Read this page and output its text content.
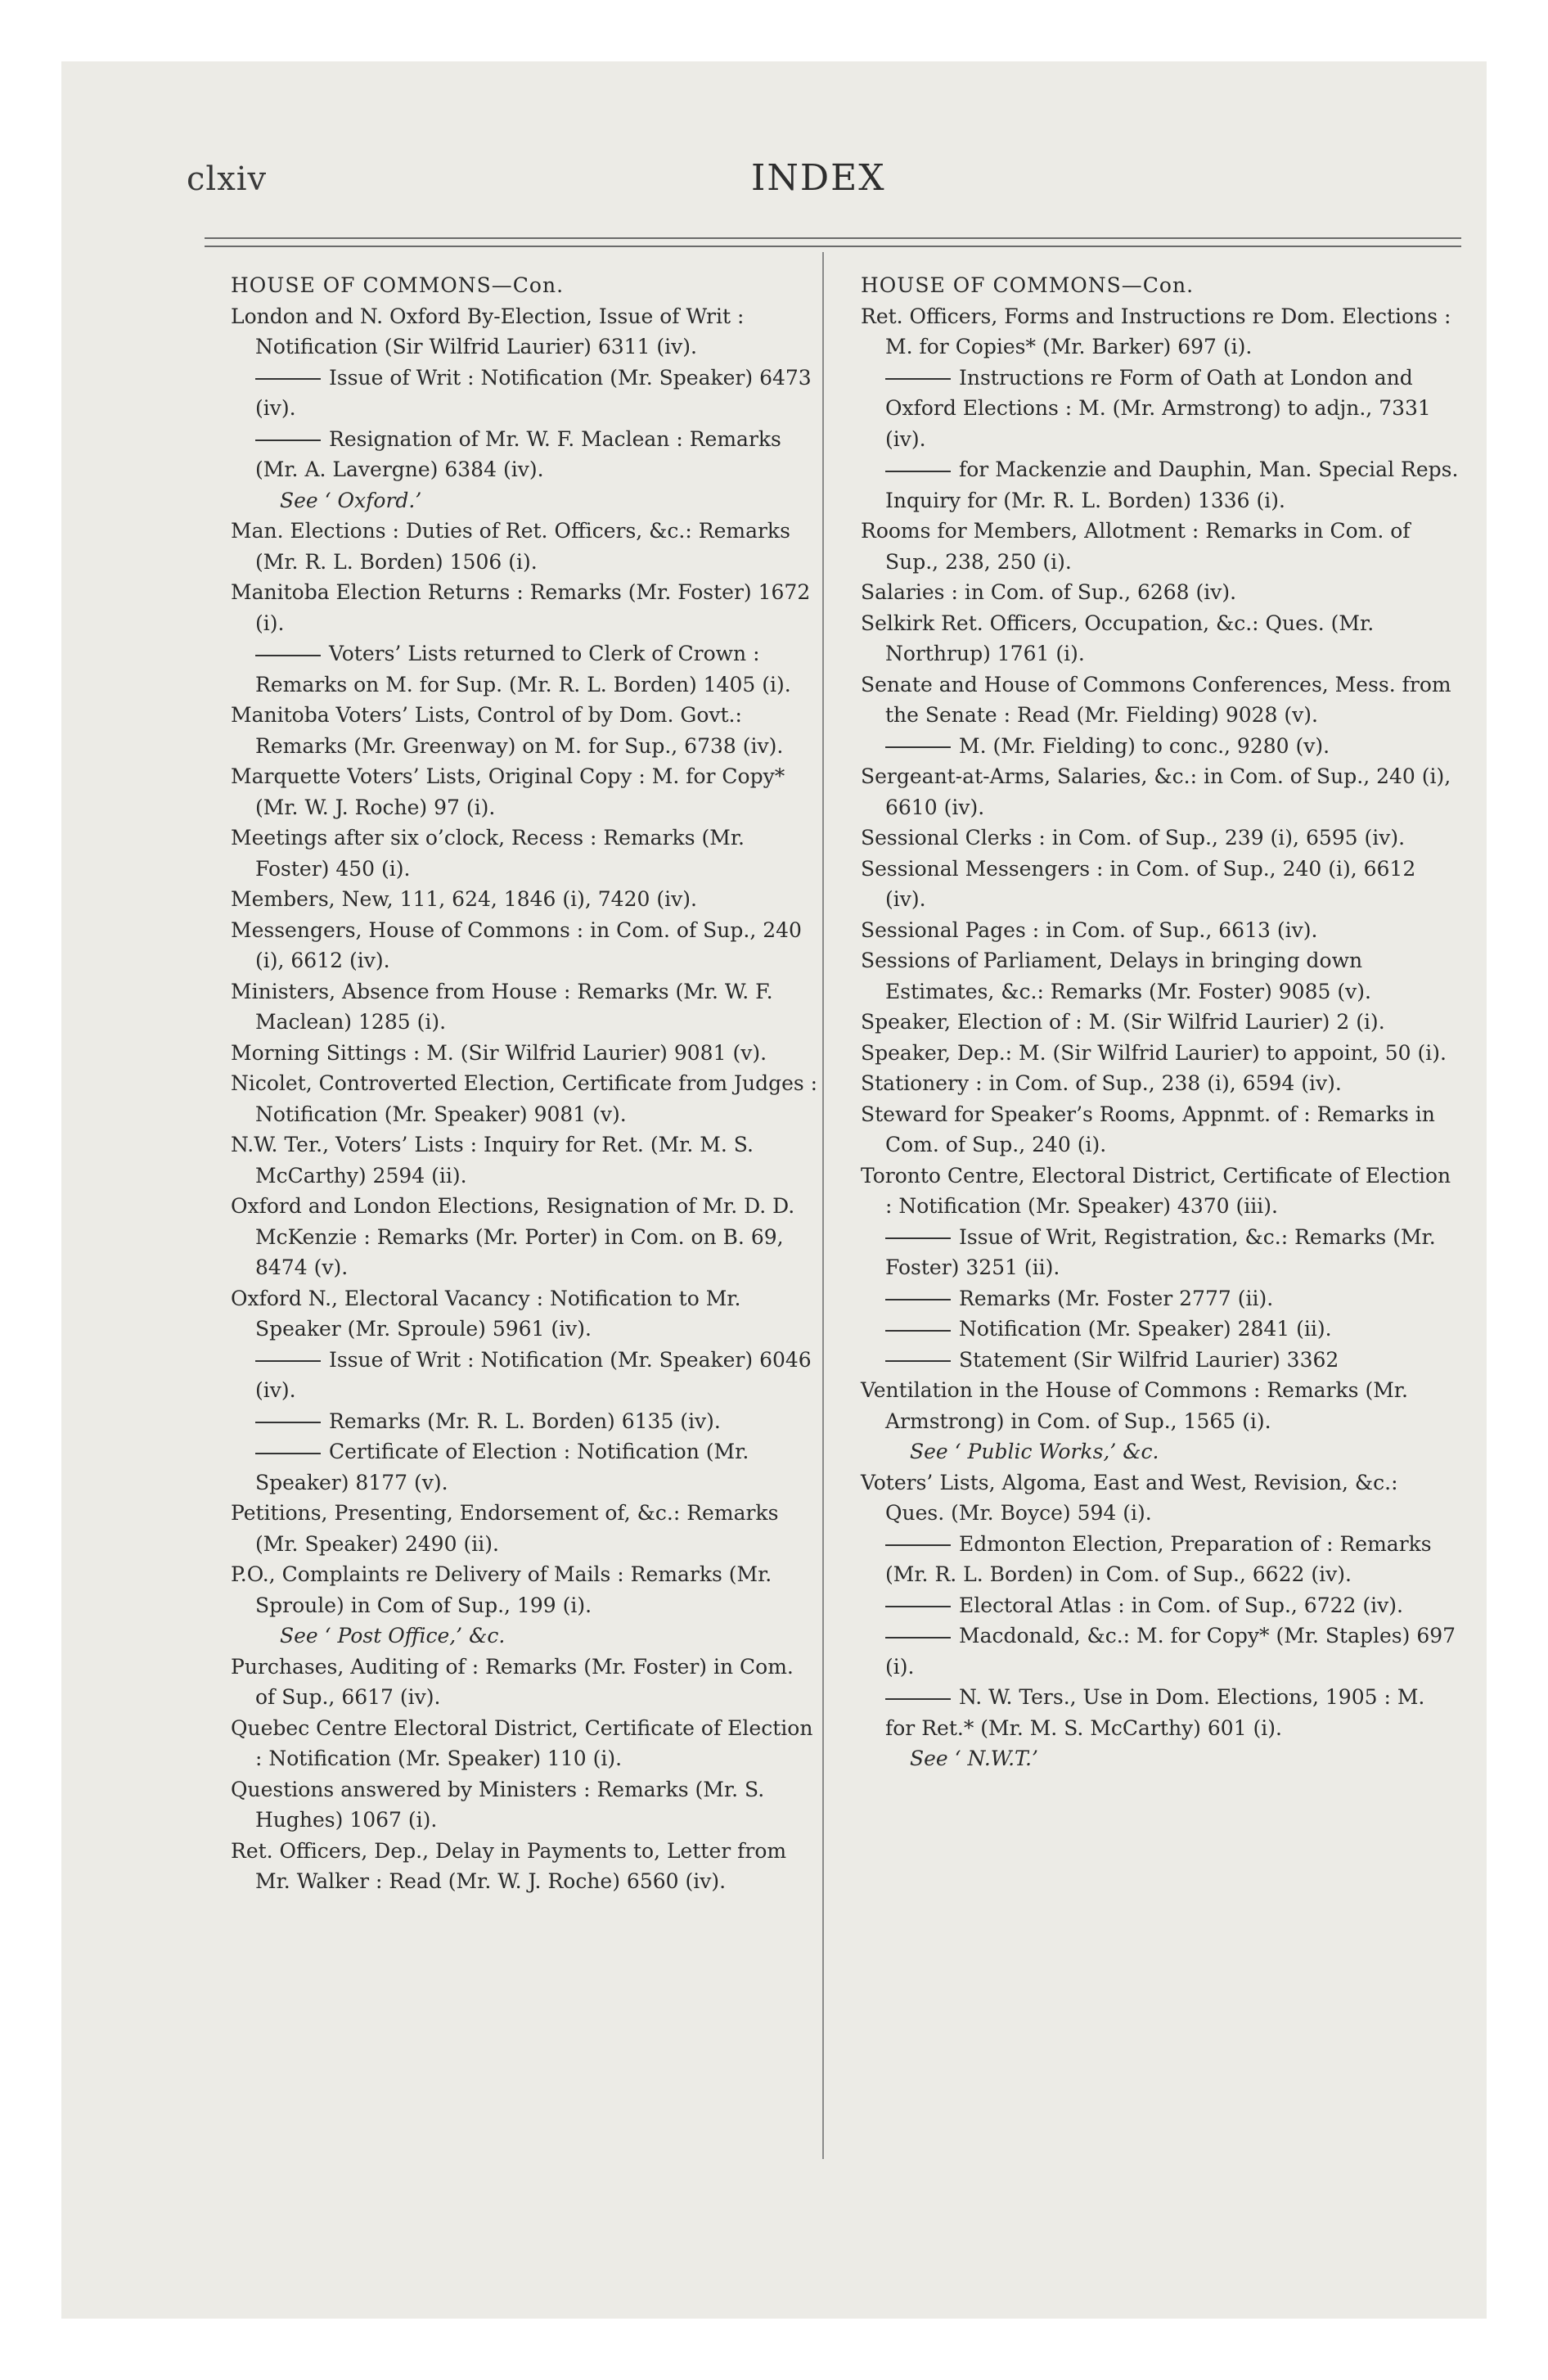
clxiv	INDEX
HOUSE OF COMMONS—Con.
London and N. Oxford By-Election, Issue of Writ : Notification (Sir Wilfrid Laurier) 6311 (iv).
Issue of Writ : Notification (Mr. Speaker) 6473 (iv).
Resignation of Mr. W. F. Maclean : Remarks (Mr. A. Lavergne) 6384 (iv).
See ‘ Oxford.’
Man. Elections : Duties of Ret. Officers, &c.: Remarks (Mr. R. L. Borden) 1506 (i).
Manitoba Election Returns : Remarks (Mr. Foster) 1672 (i).
Voters’ Lists returned to Clerk of Crown : Remarks on M. for Sup. (Mr. R. L. Borden) 1405 (i).
Manitoba Voters’ Lists, Control of by Dom. Govt.: Remarks (Mr. Greenway) on M. for Sup., 6738 (iv).
Marquette Voters’ Lists, Original Copy : M. for Copy* (Mr. W. J. Roche) 97 (i).
Meetings after six o’clock, Recess : Remarks (Mr. Foster) 450 (i).
Members, New, 111, 624, 1846 (i), 7420 (iv).
Messengers, House of Commons : in Com. of Sup., 240 (i), 6612 (iv).
Ministers, Absence from House : Remarks (Mr. W. F. Maclean) 1285 (i).
Morning Sittings : M. (Sir Wilfrid Laurier) 9081 (v).
Nicolet, Controverted Election, Certificate from Judges : Notification (Mr. Speaker) 9081 (v).
N.W. Ter., Voters’ Lists : Inquiry for Ret. (Mr. M. S. McCarthy) 2594 (ii).
Oxford and London Elections, Resignation of Mr. D. D. McKenzie : Remarks (Mr. Porter) in Com. on B. 69, 8474 (v).
Oxford N., Electoral Vacancy : Notification to Mr. Speaker (Mr. Sproule) 5961 (iv).
Issue of Writ : Notification (Mr. Speaker) 6046 (iv).
Remarks (Mr. R. L. Borden) 6135 (iv).
Certificate of Election : Notification (Mr. Speaker) 8177 (v).
Petitions, Presenting, Endorsement of, &c.: Remarks (Mr. Speaker) 2490 (ii).
P.O., Complaints re Delivery of Mails : Remarks (Mr. Sproule) in Com of Sup., 199 (i).
See ‘ Post Office,’ &c.
Purchases, Auditing of : Remarks (Mr. Foster) in Com. of Sup., 6617 (iv).
Quebec Centre Electoral District, Certificate of Election : Notification (Mr. Speaker) 110 (i).
Questions answered by Ministers : Remarks (Mr. S. Hughes) 1067 (i).
Ret. Officers, Dep., Delay in Payments to, Letter from Mr. Walker : Read (Mr. W. J. Roche) 6560 (iv).
HOUSE OF COMMONS—Con.
Ret. Officers, Forms and Instructions re Dom. Elections : M. for Copies* (Mr. Barker) 697 (i).
Instructions re Form of Oath at London and Oxford Elections : M. (Mr. Armstrong) to adjn., 7331 (iv).
for Mackenzie and Dauphin, Man. Special Reps. Inquiry for (Mr. R. L. Borden) 1336 (i).
Rooms for Members, Allotment : Remarks in Com. of Sup., 238, 250 (i).
Salaries : in Com. of Sup., 6268 (iv).
Selkirk Ret. Officers, Occupation, &c.: Ques. (Mr. Northrup) 1761 (i).
Senate and House of Commons Conferences, Mess. from the Senate : Read (Mr. Fielding) 9028 (v).
M. (Mr. Fielding) to conc., 9280 (v).
Sergeant-at-Arms, Salaries, &c.: in Com. of Sup., 240 (i), 6610 (iv).
Sessional Clerks : in Com. of Sup., 239 (i), 6595 (iv).
Sessional Messengers : in Com. of Sup., 240 (i), 6612 (iv).
Sessional Pages : in Com. of Sup., 6613 (iv).
Sessions of Parliament, Delays in bringing down Estimates, &c.: Remarks (Mr. Foster) 9085 (v).
Speaker, Election of : M. (Sir Wilfrid Laurier) 2 (i).
Speaker, Dep.: M. (Sir Wilfrid Laurier) to appoint, 50 (i).
Stationery : in Com. of Sup., 238 (i), 6594 (iv).
Steward for Speaker’s Rooms, Appnmt. of : Remarks in Com. of Sup., 240 (i).
Toronto Centre, Electoral District, Certificate of Election : Notification (Mr. Speaker) 4370 (iii).
Issue of Writ, Registration, &c.: Remarks (Mr. Foster) 3251 (ii).
Remarks (Mr. Foster 2777 (ii).
Notification (Mr. Speaker) 2841 (ii).
Statement (Sir Wilfrid Laurier) 3362
Ventilation in the House of Commons : Remarks (Mr. Armstrong) in Com. of Sup., 1565 (i).
See ‘ Public Works,’ &c.
Voters’ Lists, Algoma, East and West, Revision, &c.: Ques. (Mr. Boyce) 594 (i).
Edmonton Election, Preparation of : Remarks (Mr. R. L. Borden) in Com. of Sup., 6622 (iv).
Electoral Atlas : in Com. of Sup., 6722 (iv).
Macdonald, &c.: M. for Copy* (Mr. Staples) 697 (i).
N. W. Ters., Use in Dom. Elections, 1905 : M. for Ret.* (Mr. M. S. McCarthy) 601 (i).
See ‘ N.W.T.’
